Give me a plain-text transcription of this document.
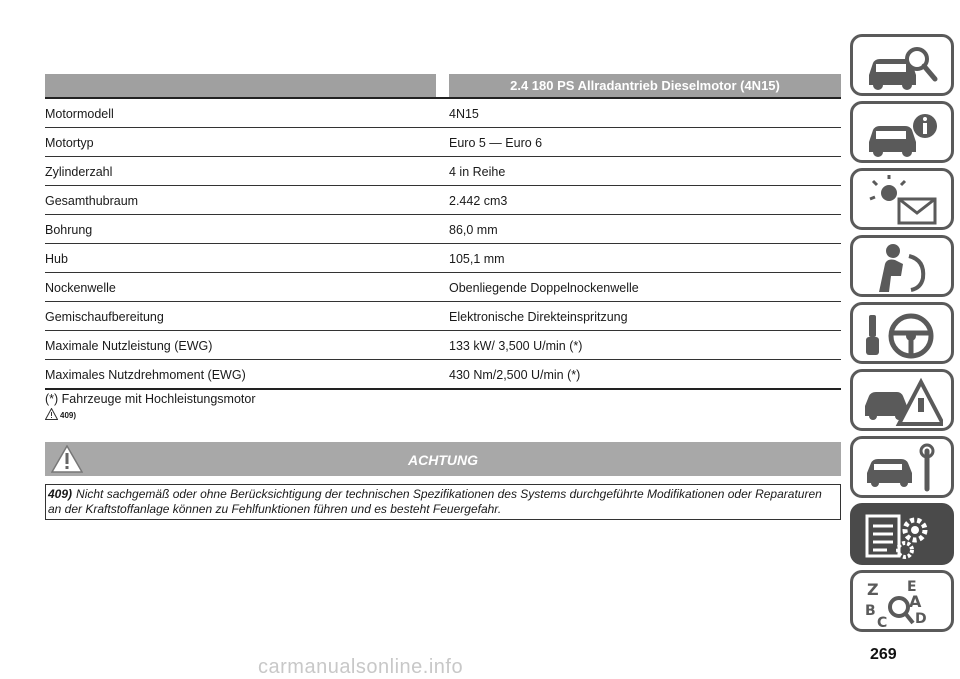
2.4 180 PS Allradantrieb Dieselmotor (4N15)
Motormodell	4N15
Motortyp	Euro 5 — Euro 6
Zylinderzahl	4 in Reihe
Gesamthubraum	2.442 cm3
Bohrung	86,0 mm
Hub	105,1 mm
Nockenwelle	Obenliegende Doppelnockenwelle
Gemischaufbereitung	Elektronische Direkteinspritzung
Maximale Nutzleistung (EWG)	133 kW/ 3,500 U/min (*)
Maximales Nutzdrehmoment (EWG)	430 Nm/2,500 U/min (*)
(*) Fahrzeuge mit Hochleistungsmotor
409)
ACHTUNG
409) Nicht sachgemäß oder ohne Berücksichtigung der technischen Spezifikationen des Systems durchgeführte Modifikationen oder Reparaturen an der Kraftstoffanlage können zu Fehlfunktionen führen und es besteht Feuergefahr.
Z E
B A
C D
269
carmanualsonline.info
